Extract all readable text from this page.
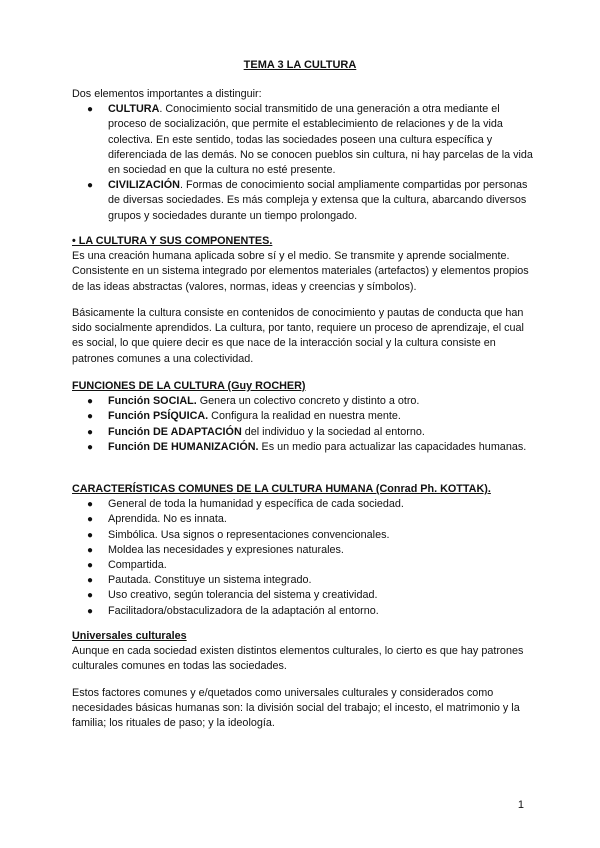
TEMA 3 LA CULTURA
Dos elementos importantes a distinguir:
● CULTURA. Conocimiento social transmitido de una generación a otra mediante el proceso de socialización, que permite el establecimiento de relaciones y de la vida colectiva. En este sentido, todas las sociedades poseen una cultura específica y diferenciada de las demás. No se conocen pueblos sin cultura, ni hay parcelas de la vida en sociedad en que la cultura no esté presente.
● CIVILIZACIÓN. Formas de conocimiento social ampliamente compartidas por personas de diversas sociedades. Es más compleja y extensa que la cultura, abarcando diversos grupos y sociedades durante un tiempo prolongado.
• LA CULTURA Y SUS COMPONENTES.
Es una creación humana aplicada sobre sí y el medio. Se transmite y aprende socialmente. Consistente en un sistema integrado por elementos materiales (artefactos) y elementos propios de las ideas abstractas (valores, normas, ideas y creencias y símbolos).
Básicamente la cultura consiste en contenidos de conocimiento y pautas de conducta que han sido socialmente aprendidos. La cultura, por tanto, requiere un proceso de aprendizaje, el cual es social, lo que quiere decir es que nace de la interacción social y la cultura consiste en patrones comunes a una colectividad.
FUNCIONES DE LA CULTURA (Guy ROCHER)
● Función SOCIAL. Genera un colectivo concreto y distinto a otro.
● Función PSÍQUICA. Configura la realidad en nuestra mente.
● Función DE ADAPTACIÓN del individuo y la sociedad al entorno.
● Función DE HUMANIZACIÓN. Es un medio para actualizar las capacidades humanas.
CARACTERÍSTICAS COMUNES DE LA CULTURA HUMANA (Conrad Ph. KOTTAK).
● General de toda la humanidad y específica de cada sociedad.
● Aprendida. No es innata.
● Simbólica. Usa signos o representaciones convencionales.
● Moldea las necesidades y expresiones naturales.
● Compartida.
● Pautada. Constituye un sistema integrado.
● Uso creativo, según tolerancia del sistema y creatividad.
● Facilitadora/obstaculizadora de la adaptación al entorno.
Universales culturales
Aunque en cada sociedad existen distintos elementos culturales, lo cierto es que hay patrones culturales comunes en todas las sociedades.
Estos factores comunes y e/quetados como universales culturales y considerados como necesidades básicas humanas son: la división social del trabajo; el incesto, el matrimonio y la familia; los rituales de paso; y la ideología.
1
